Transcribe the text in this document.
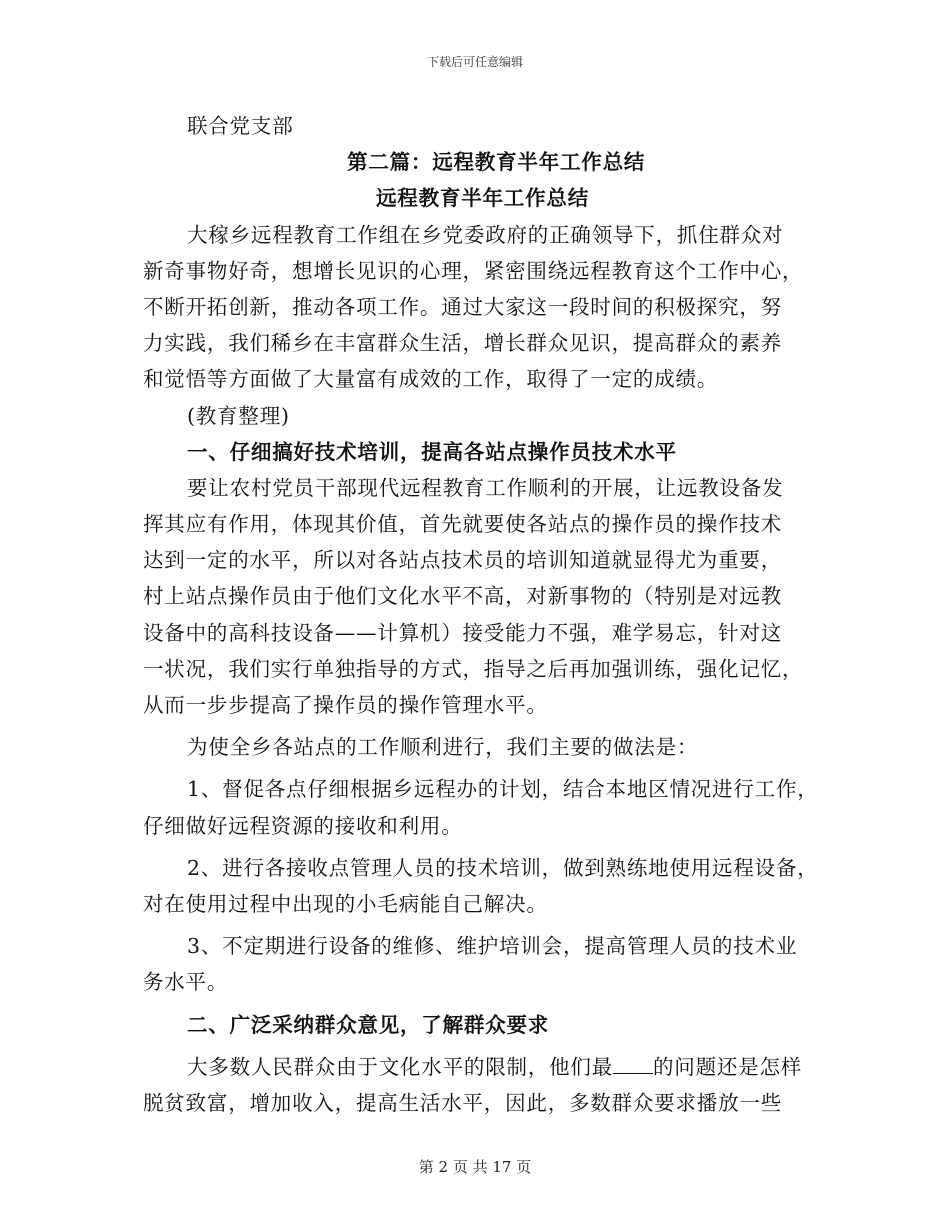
下载后可任意编辑
联合党支部
第二篇：远程教育半年工作总结
远程教育半年工作总结
大稼乡远程教育工作组在乡党委政府的正确领导下，抓住群众对
新奇事物好奇，想增长见识的心理，紧密围绕远程教育这个工作中心，
不断开拓创新，推动各项工作。通过大家这一段时间的积极探究，努
力实践，我们稀乡在丰富群众生活，增长群众见识，提高群众的素养
和觉悟等方面做了大量富有成效的工作，取得了一定的成绩。
(教育整理)
一、仔细搞好技术培训，提高各站点操作员技术水平
要让农村党员干部现代远程教育工作顺利的开展，让远教设备发
挥其应有作用，体现其价值，首先就要使各站点的操作员的操作技术
达到一定的水平，所以对各站点技术员的培训知道就显得尤为重要，
村上站点操作员由于他们文化水平不高，对新事物的（特别是对远教
设备中的高科技设备——计算机）接受能力不强，难学易忘，针对这
一状况，我们实行单独指导的方式，指导之后再加强训练，强化记忆，
从而一步步提高了操作员的操作管理水平。
为使全乡各站点的工作顺利进行，我们主要的做法是：
1、督促各点仔细根据乡远程办的计划，结合本地区情况进行工作，
仔细做好远程资源的接收和利用。
2、进行各接收点管理人员的技术培训，做到熟练地使用远程设备，
对在使用过程中出现的小毛病能自己解决。
3、不定期进行设备的维修、维护培训会，提高管理人员的技术业
务水平。
二、广泛采纳群众意见，了解群众要求
大多数人民群众由于文化水平的限制，他们最 的问题还是怎样
脱贫致富，增加收入，提高生活水平，因此，多数群众要求播放一些
第 2 页 共 17 页
